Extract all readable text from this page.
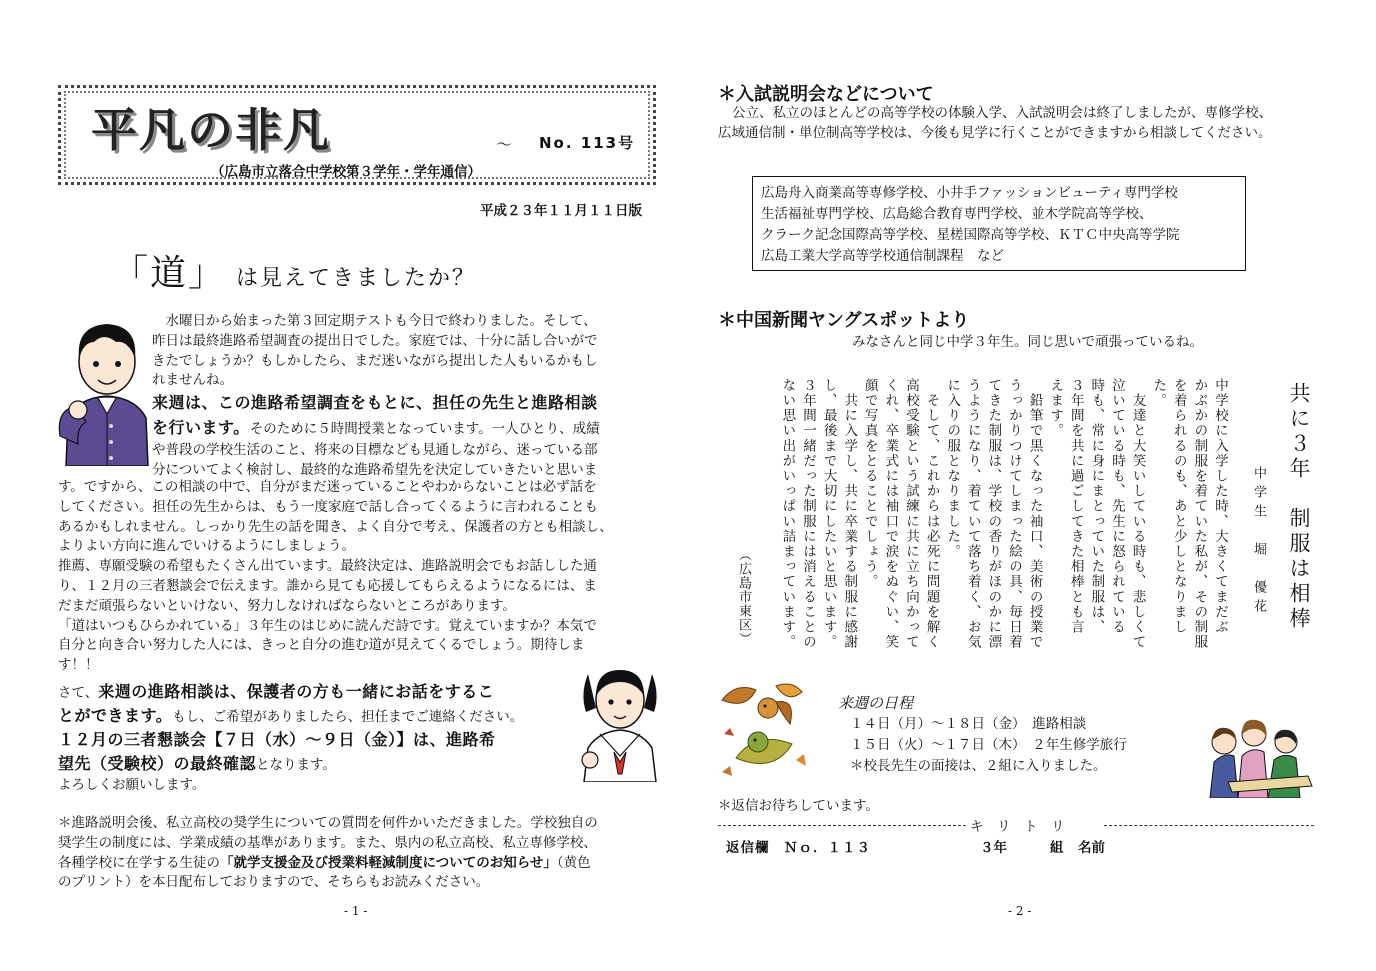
平凡の非凡	～ No. 113号
（広島市立落合中学校第３学年・学年通信）
平成２３年１１月１１日版
「道」 は見えてきましたか？

　水曜日から始まった第３回定期テストも今日で終わりました。そして、

昨日は最終進路希望調査の提出日でした。家庭では、十分に話し合いがで

きたでしょうか？もしかしたら、まだ迷いながら提出した人もいるかもし

れませんね。

来週は、この進路希望調査をもとに、担任の先生と進路相談

を行います。そのために５時間授業となっています。一人ひとり、成績

や普段の学校生活のこと、将来の目標なども見通しながら、迷っている部

分についてよく検討し、最終的な進路希望先を決定していきたいと思いま

す。ですから、この相談の中で、自分がまだ迷っていることやわからないことは必ず話を

してください。担任の先生からは、もう一度家庭で話し合ってくるように言われることも

あるかもしれません。しっかり先生の話を聞き、よく自分で考え、保護者の方とも相談し、

よりよい方向に進んでいけるようにしましょう。

推薦、専願受験の希望もたくさん出ています。最終決定は、進路説明会でもお話しした通

り、１２月の三者懇談会で伝えます。誰から見ても応援してもらえるようになるには、ま

だまだ頑張らないといけない、努力しなければならないところがあります。

「道はいつもひらかれている」３年生のはじめに読んだ詩です。覚えていますか？本気で

自分と向き合い努力した人には、きっと自分の進む道が見えてくるでしょう。期待しま

す！！

さて、来週の進路相談は、保護者の方も一緒にお話をするこ

とができます。もし、ご希望がありましたら、担任までご連絡ください。

１２月の三者懇談会【７日（水）～９日（金）】は、進路希

望先（受験校）の最終確認となります。

よろしくお願いします。

＊進路説明会後、私立高校の奨学生についての質問を何件かいただきました。学校独自の

奨学生の制度には、学業成績の基準があります。また、県内の私立高校、私立専修学校、

各種学校に在学する生徒の「就学支援金及び授業料軽減制度についてのお知らせ」（黄色

のプリント）を本日配布しておりますので、そちらもお読みください。

- 1 -
＊入試説明会などについて

公立、私立のほとんどの高等学校の体験入学、入試説明会は終了しましたが、専修学校、

広域通信制・単位制高等学校は、今後も見学に行くことができますから相談してください。

広島舟入商業高等専修学校、小井手ファッションビューティ専門学校

生活福祉専門学校、広島総合教育専門学校、並木学院高等学校、

クラーク記念国際高等学校、星槎国際高等学校、ＫＴＣ中央高等学院

広島工業大学高等学校通信制課程　など

＊中国新聞ヤングスポットより
みなさんと同じ中学３年生。同じ思いで頑張っているね。
共に３年　制服は相棒
中学生　堀　優花
中学校に入学した時、大きくてまだぶ
かぶかの制服を着ていた私が、その制服
を着られるのも、あと少しとなりまし
た。
　友達と大笑いしている時も、悲しくて
泣いている時も、先生に怒られている
時も、常に身にまとっていた制服は、
３年間を共に過ごしてきた相棒とも言
えます。
　鉛筆で黒くなった袖口、美術の授業で
うっかりつけてしまった絵の具、毎日着
てきた制服は、学校の香りがほのかに漂
うようになり、着ていて落ち着く、お気
に入りの服となりました。
　そして、これからは必死に問題を解く
高校受験という試練に共に立ち向かって
くれ、卒業式には袖口で涙をぬぐい、笑
顔で写真をとることでしょう。
　共に入学し、共に卒業する制服に感謝
し、最後まで大切にしたいと思います。
３年間一緒だった制服には消えることの
ない思い出がいっぱい詰まっています。
（広島市東区）
来週の日程

１４日（月）～１８日（金）　進路相談

１５日（火）～１７日（木）　２年生修学旅行

＊校長先生の面接は、２組に入りました。

＊返信お待ちしています。
キ　リ　ト　リ
返信欄　Ｎｏ．１１３	３年	組 名前
- 2 -
